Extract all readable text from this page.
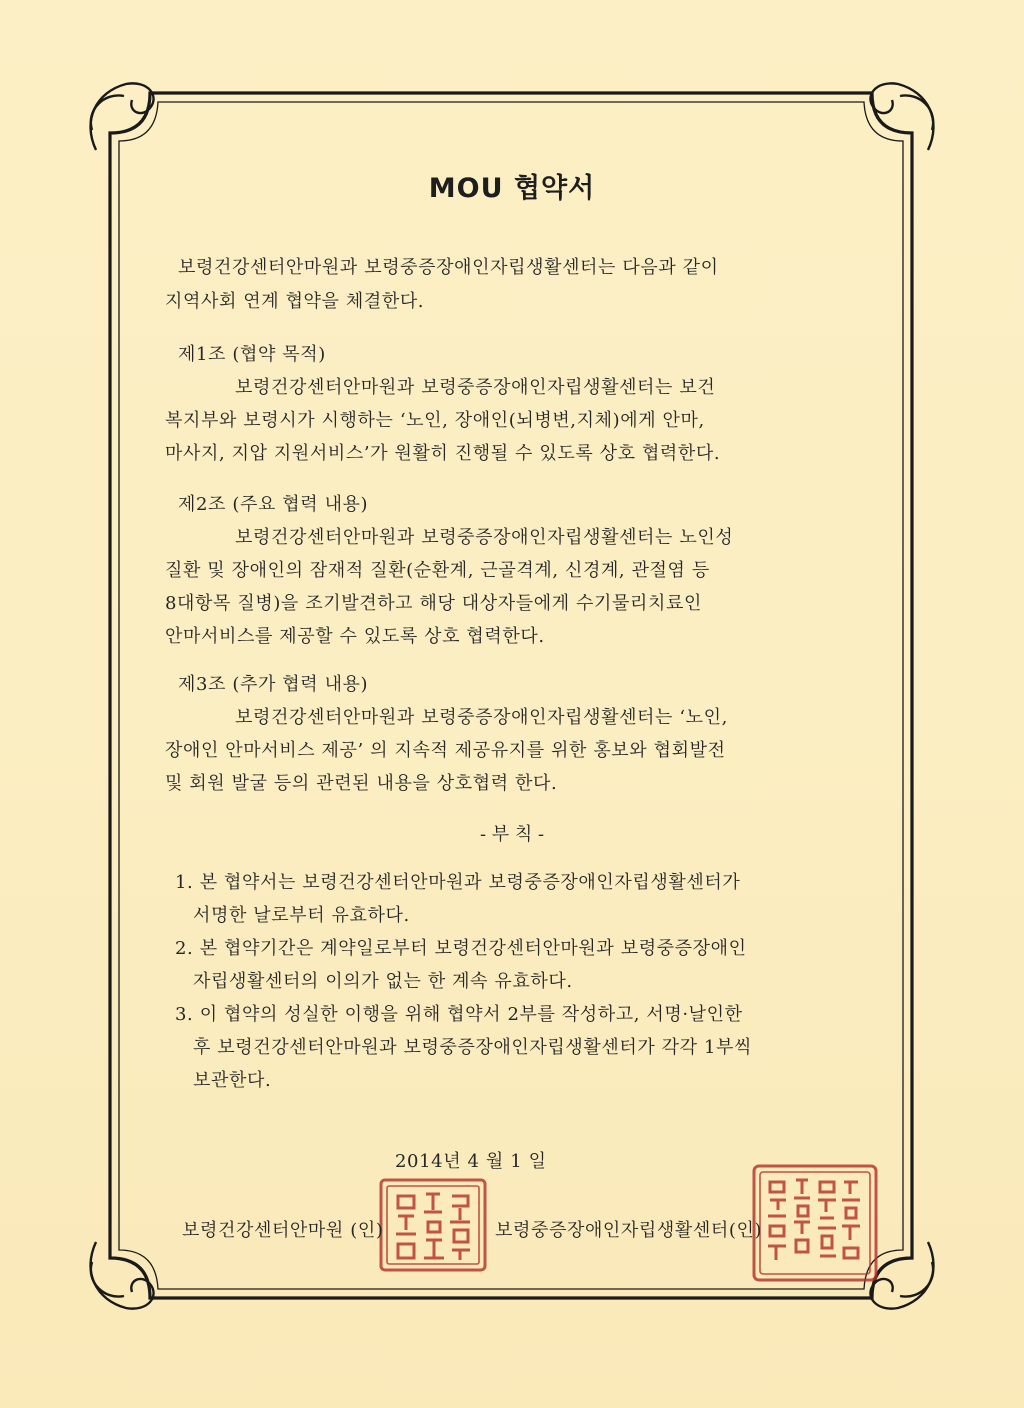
MOU 협약서
보령건강센터안마원과 보령중증장애인자립생활센터는 다음과 같이
지역사회 연계 협약을 체결한다.
제1조 (협약 목적)
보령건강센터안마원과 보령중증장애인자립생활센터는 보건
복지부와 보령시가 시행하는 ‘노인, 장애인(뇌병변,지체)에게 안마,
마사지, 지압 지원서비스’가 원활히 진행될 수 있도록 상호 협력한다.
제2조 (주요 협력 내용)
보령건강센터안마원과 보령중증장애인자립생활센터는 노인성
질환 및 장애인의 잠재적 질환(순환계, 근골격계, 신경계, 관절염 등
8대항목 질병)을 조기발견하고 해당 대상자들에게 수기물리치료인
안마서비스를 제공할 수 있도록 상호 협력한다.
제3조 (추가 협력 내용)
보령건강센터안마원과 보령중증장애인자립생활센터는 ‘노인,
장애인 안마서비스 제공’ 의 지속적 제공유지를 위한 홍보와 협회발전
및 회원 발굴 등의 관련된 내용을 상호협력 한다.
- 부 칙 -
1. 본 협약서는 보령건강센터안마원과 보령중증장애인자립생활센터가
서명한 날로부터 유효하다.
2. 본 협약기간은 계약일로부터 보령건강센터안마원과 보령중증장애인
자립생활센터의 이의가 없는 한 계속 유효하다.
3. 이 협약의 성실한 이행을 위해 협약서 2부를 작성하고, 서명·날인한
후 보령건강센터안마원과 보령중증장애인자립생활센터가 각각 1부씩
보관한다.
2014년 4 월 1 일
보령건강센터안마원 (인)	보령중증장애인자립생활센터(인)
